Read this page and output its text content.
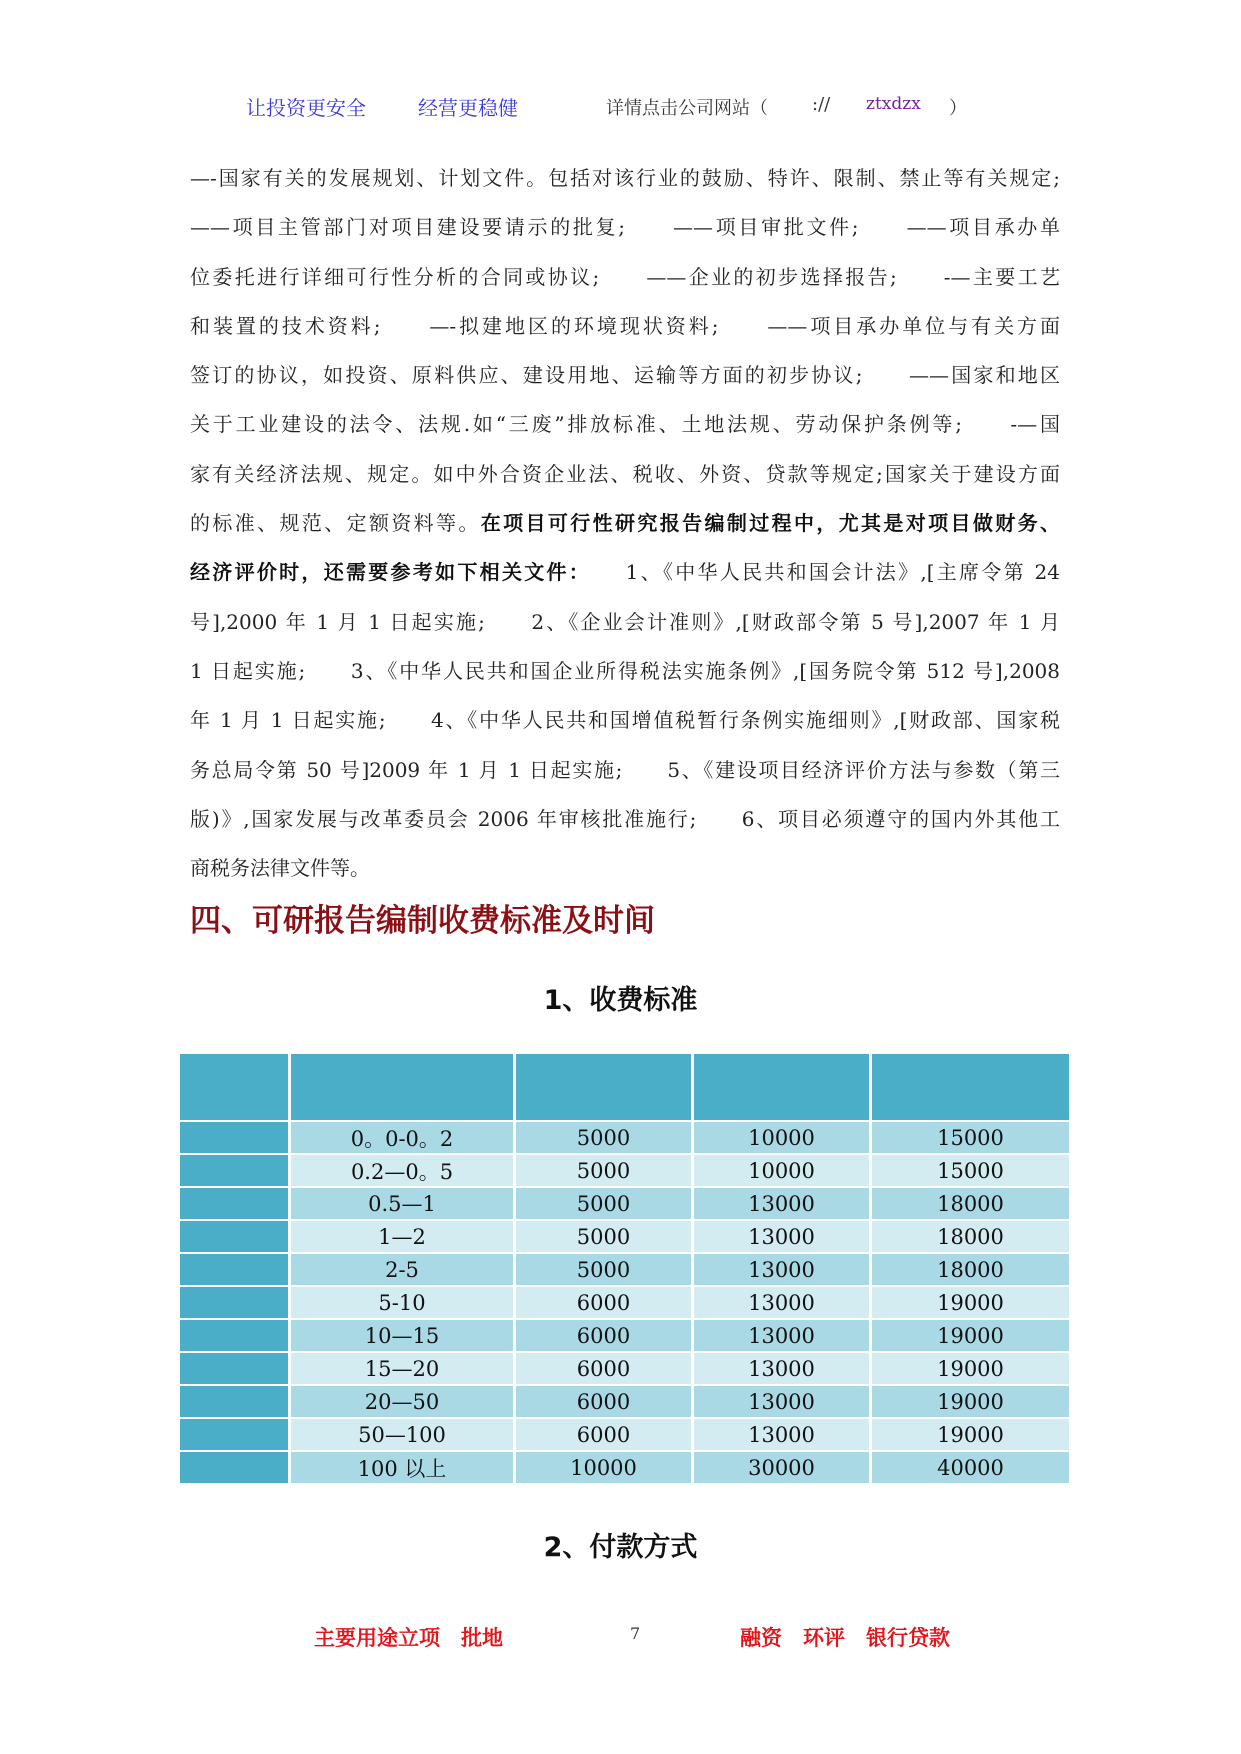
让投资更安全	经营更稳健	详情点击公司网站（ :// ztxdzx ）
—-国家有关的发展规划、计划文件。包括对该行业的鼓励、特许、限制、禁止等有关规定;
——项目主管部门对项目建设要请示的批复;　　——项目审批文件;　　——项目承办单
位委托进行详细可行性分析的合同或协议;　　——企业的初步选择报告;　　-—主要工艺
和装置的技术资料;　　—-拟建地区的环境现状资料;　　——项目承办单位与有关方面
签订的协议，如投资、原料供应、建设用地、运输等方面的初步协议;　　——国家和地区
关于工业建设的法令、法规.如“三废”排放标准、土地法规、劳动保护条例等;　　-—国
家有关经济法规、规定。如中外合资企业法、税收、外资、贷款等规定;国家关于建设方面
的标准、规范、定额资料等。在项目可行性研究报告编制过程中，尤其是对项目做财务、
经济评价时，还需要参考如下相关文件：　　1、《中华人民共和国会计法》,[主席令第 24
号],2000 年 1 月 1 日起实施;　　2、《企业会计准则》,[财政部令第 5 号],2007 年 1 月
1 日起实施;　　3、《中华人民共和国企业所得税法实施条例》,[国务院令第 512 号],2008
年 1 月 1 日起实施;　　4、《中华人民共和国增值税暂行条例实施细则》,[财政部、国家税
务总局令第 50 号]2009 年 1 月 1 日起实施;　　5、《建设项目经济评价方法与参数（第三
版)》,国家发展与改革委员会 2006 年审核批准施行;　　6、项目必须遵守的国内外其他工
商税务法律文件等。
四、可研报告编制收费标准及时间
1、收费标准

	0。0-0。2	5000	10000	15000
	0.2—0。5	5000	10000	15000
	0.5—1	5000	13000	18000
	1—2	5000	13000	18000
	2-5	5000	13000	18000
	5-10	6000	13000	19000
	10—15	6000	13000	19000
	15—20	6000	13000	19000
	20—50	6000	13000	19000
	50—100	6000	13000	19000
	100 以上	10000	30000	40000
2、付款方式
主要用途立项　批地	7	融资　环评　银行贷款
